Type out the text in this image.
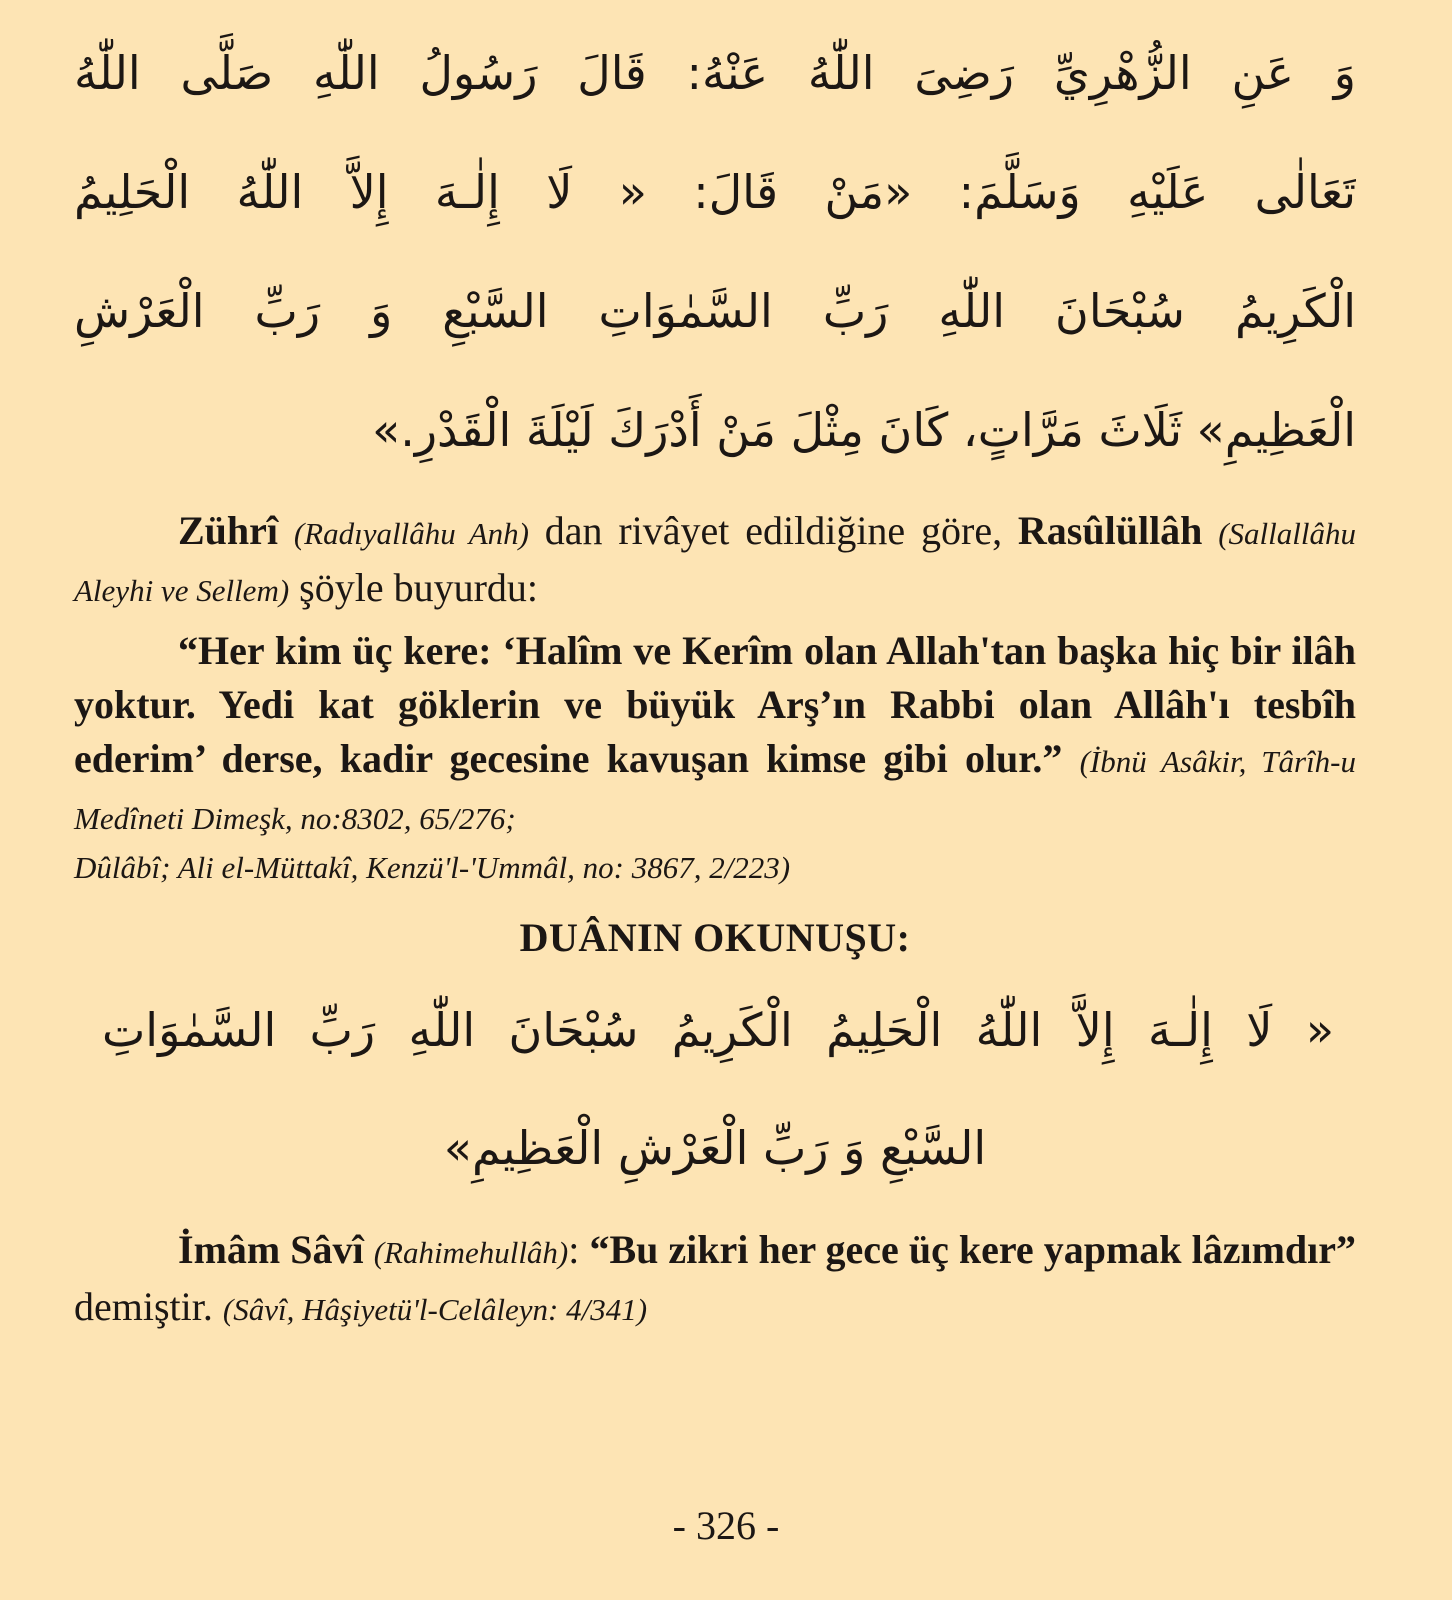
وَ عَنِ الزُّهْرِيِّ رَضِىَ اللّٰهُ عَنْهُ: قَالَ رَسُولُ اللّٰهِ صَلَّى اللّٰهُ
تَعَالٰى عَلَيْهِ وَسَلَّمَ: «مَنْ قَالَ: « لَا إِلٰـهَ إِلاَّ اللّٰهُ الْحَلِيمُ
الْكَرِيمُ سُبْحَانَ اللّٰهِ رَبِّ السَّمٰوَاتِ السَّبْعِ وَ رَبِّ الْعَرْشِ
الْعَظِيمِ» ثَلَاثَ مَرَّاتٍ، كَانَ مِثْلَ مَنْ أَدْرَكَ لَيْلَةَ الْقَدْرِ.»

Zührî (Radıyallâhu Anh) dan rivâyet edildiğine göre, Rasûlüllâh (Sallallâhu Aleyhi ve Sellem) şöyle buyurdu:

“Her kim üç kere: ‘Halîm ve Kerîm olan Allah'tan başka hiç bir ilâh yoktur. Yedi kat göklerin ve büyük Arş’ın Rabbi olan Allâh'ı tesbîh ederim’ derse, kadir gecesine kavuşan kimse gibi olur.” (İbnü Asâkir, Târîh-u Medîneti Dimeşk, no:8302, 65/276;

Dûlâbî; Ali el-Müttakî, Kenzü'l-'Ummâl, no: 3867, 2/223)

DUÂNIN OKUNUŞU:
« لَا إِلٰـهَ إِلاَّ اللّٰهُ الْحَلِيمُ الْكَرِيمُ سُبْحَانَ اللّٰهِ رَبِّ السَّمٰوَاتِ
السَّبْعِ وَ رَبِّ الْعَرْشِ الْعَظِيمِ»

İmâm Sâvî (Rahimehullâh): “Bu zikri her gece üç kere yapmak lâzımdır” demiştir. (Sâvî, Hâşiyetü'l-Celâleyn: 4/341)

- 326 -
